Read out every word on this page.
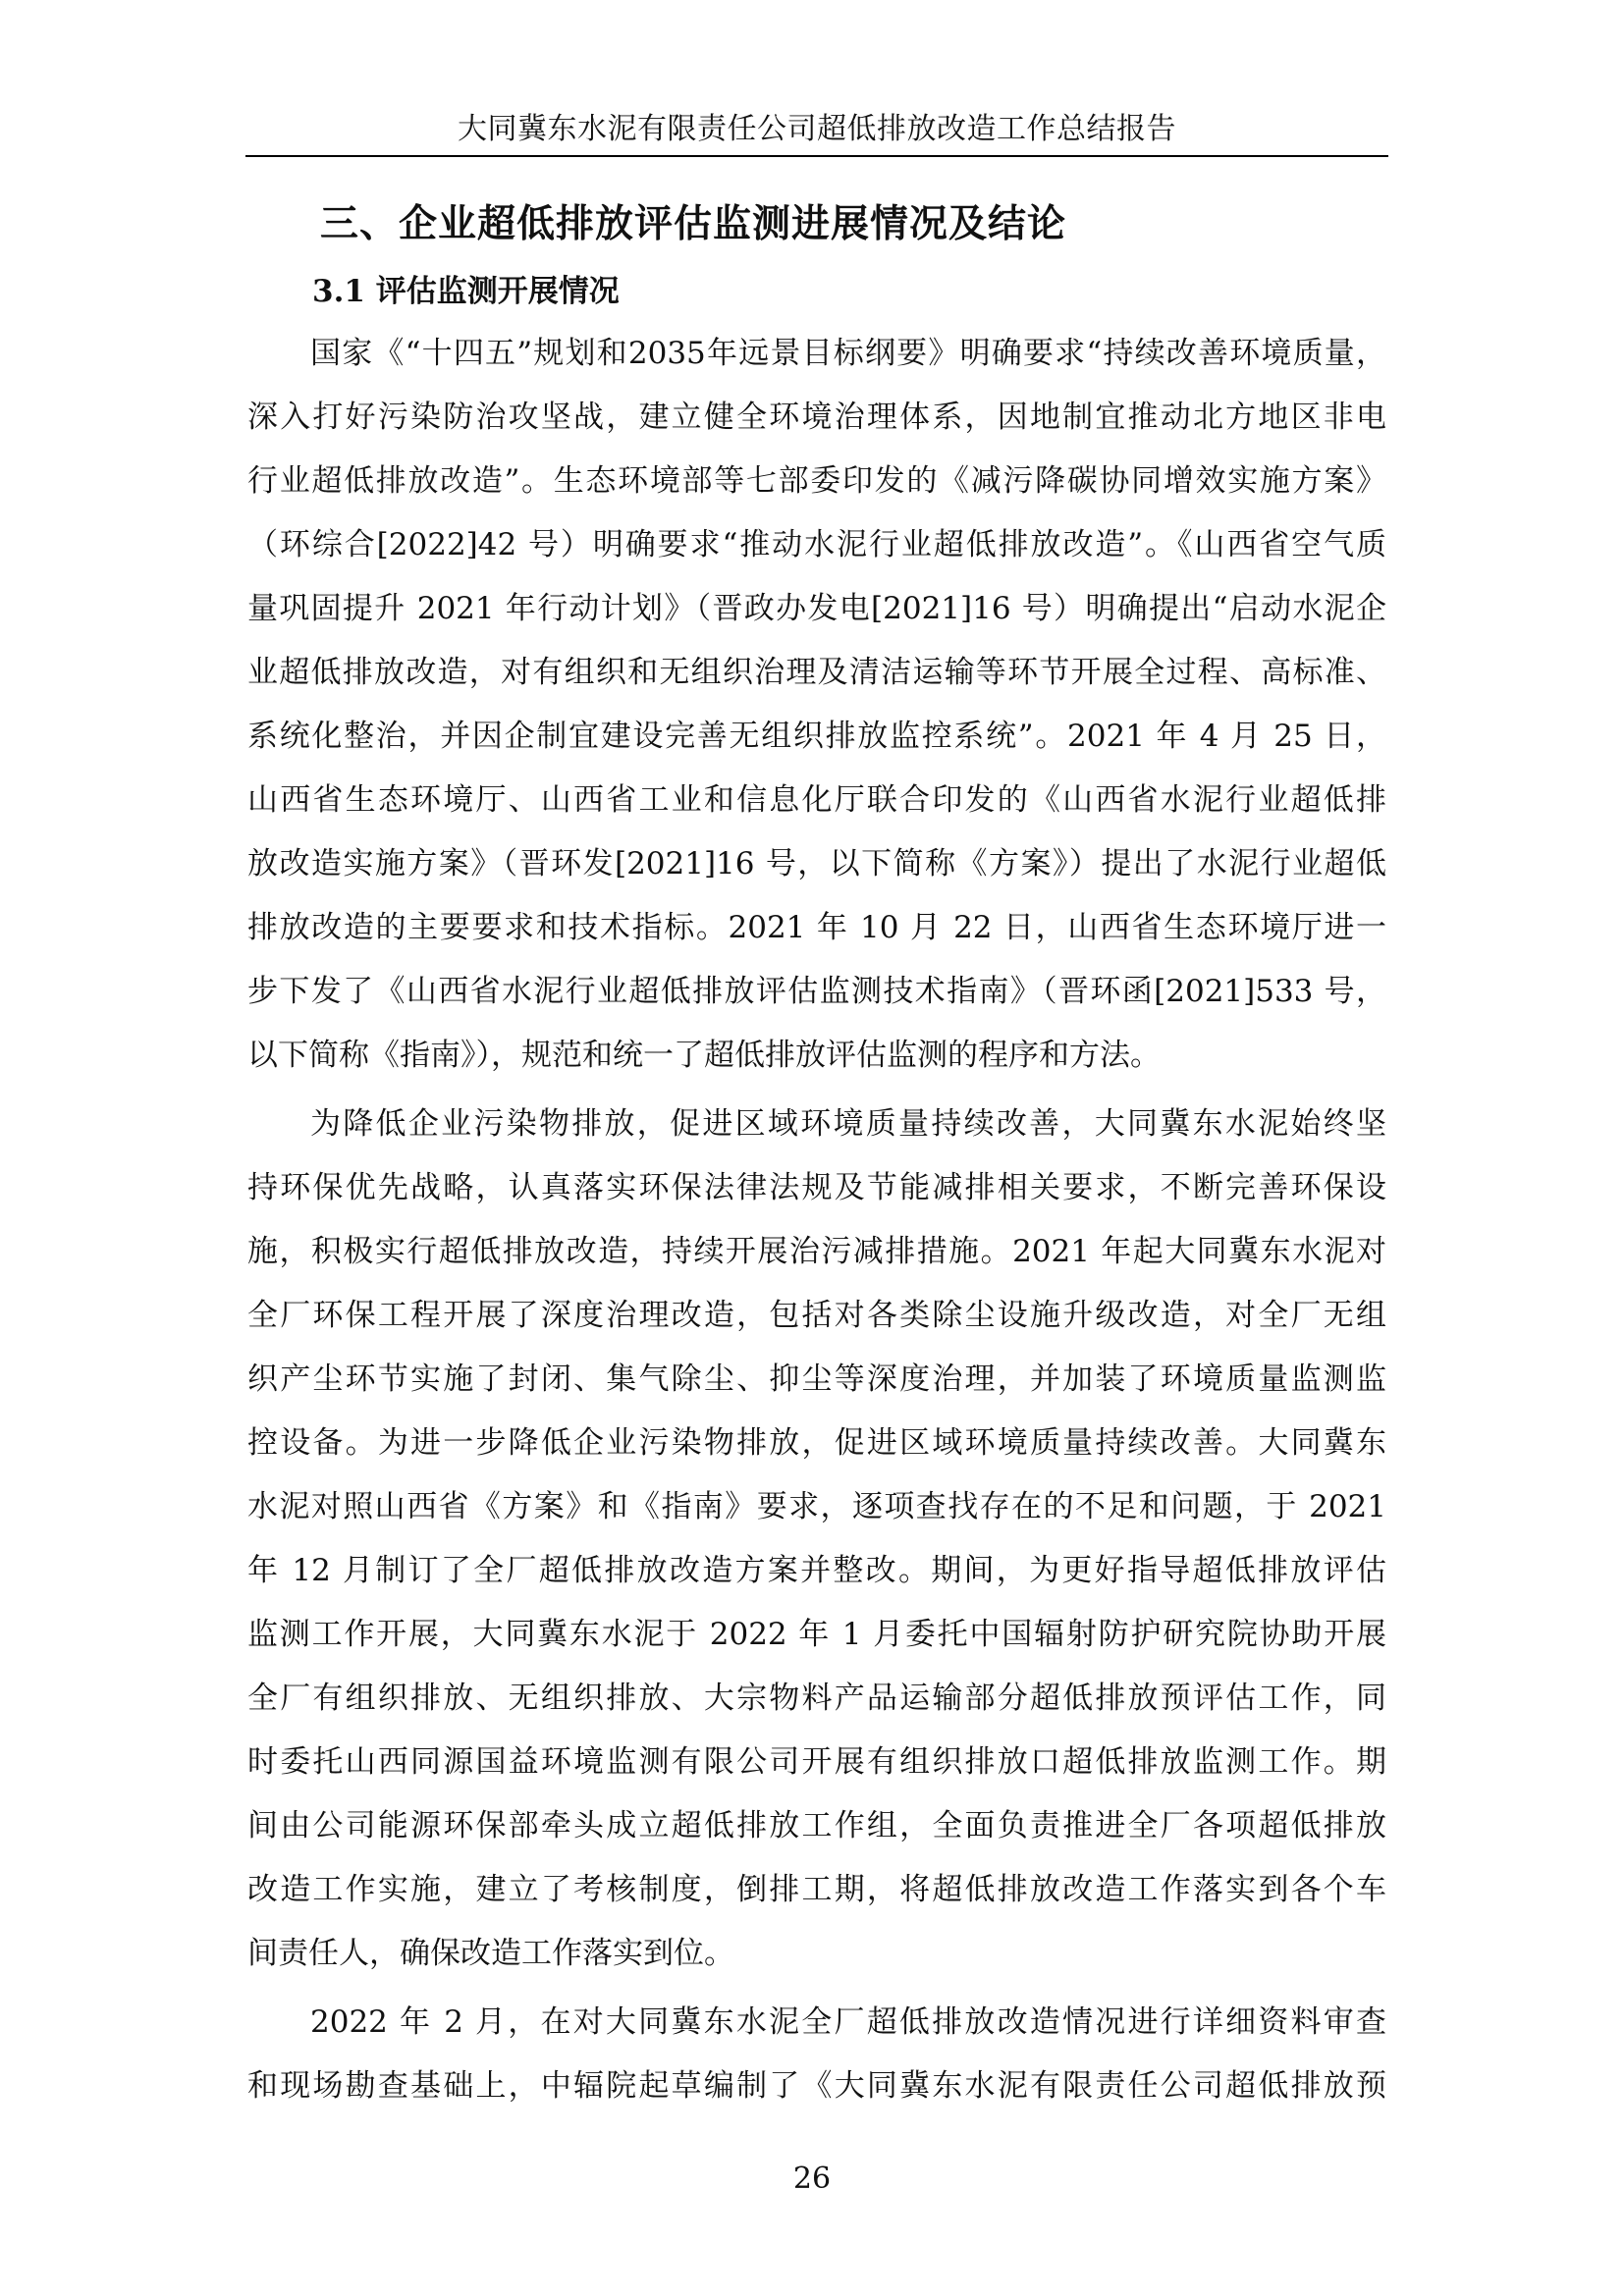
大同冀东水泥有限责任公司超低排放改造工作总结报告
三、企业超低排放评估监测进展情况及结论
3.1 评估监测开展情况
国家《“十四五”规划和2035年远景目标纲要》明确要求“持续改善环境质量，
深入打好污染防治攻坚战，建立健全环境治理体系，因地制宜推动北方地区非电
行业超低排放改造”。生态环境部等七部委印发的《减污降碳协同增效实施方案》
（环综合[2022]42 号）明确要求“推动水泥行业超低排放改造”。《山西省空气质
量巩固提升 2021 年行动计划》（晋政办发电[2021]16 号）明确提出“启动水泥企
业超低排放改造，对有组织和无组织治理及清洁运输等环节开展全过程、高标准、
系统化整治，并因企制宜建设完善无组织排放监控系统”。2021 年 4 月 25 日，
山西省生态环境厅、山西省工业和信息化厅联合印发的《山西省水泥行业超低排
放改造实施方案》（晋环发[2021]16 号，以下简称《方案》）提出了水泥行业超低
排放改造的主要要求和技术指标。2021 年 10 月 22 日，山西省生态环境厅进一
步下发了《山西省水泥行业超低排放评估监测技术指南》（晋环函[2021]533 号，
以下简称《指南》），规范和统一了超低排放评估监测的程序和方法。
为降低企业污染物排放，促进区域环境质量持续改善，大同冀东水泥始终坚
持环保优先战略，认真落实环保法律法规及节能减排相关要求，不断完善环保设
施，积极实行超低排放改造，持续开展治污减排措施。2021 年起大同冀东水泥对
全厂环保工程开展了深度治理改造，包括对各类除尘设施升级改造，对全厂无组
织产尘环节实施了封闭、集气除尘、抑尘等深度治理，并加装了环境质量监测监
控设备。为进一步降低企业污染物排放，促进区域环境质量持续改善。大同冀东
水泥对照山西省《方案》和《指南》要求，逐项查找存在的不足和问题，于 2021
年 12 月制订了全厂超低排放改造方案并整改。期间，为更好指导超低排放评估
监测工作开展，大同冀东水泥于 2022 年 1 月委托中国辐射防护研究院协助开展
全厂有组织排放、无组织排放、大宗物料产品运输部分超低排放预评估工作，同
时委托山西同源国益环境监测有限公司开展有组织排放口超低排放监测工作。期
间由公司能源环保部牵头成立超低排放工作组，全面负责推进全厂各项超低排放
改造工作实施，建立了考核制度，倒排工期，将超低排放改造工作落实到各个车
间责任人，确保改造工作落实到位。
2022 年 2 月，在对大同冀东水泥全厂超低排放改造情况进行详细资料审查
和现场勘查基础上，中辐院起草编制了《大同冀东水泥有限责任公司超低排放预
26
